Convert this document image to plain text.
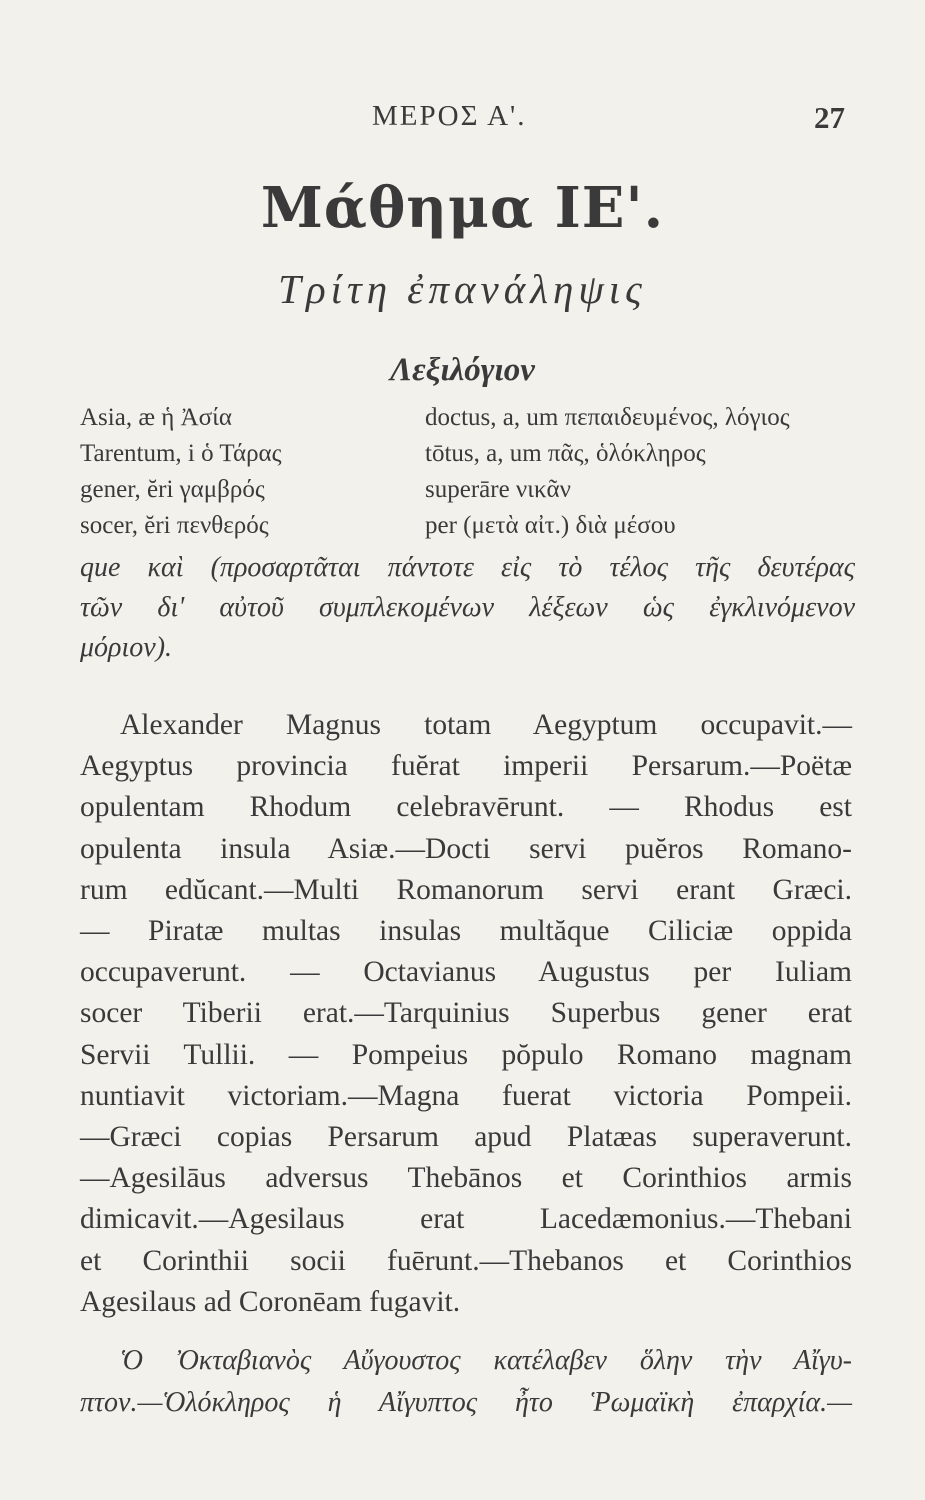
ΜΕΡΟΣ Α'.	27
Μάθημα ΙΕ'.
Τρίτη ἐπανάληψις
Λεξιλόγιον
Asia, æ ἡ Ἀσία	doctus, a, um πεπαιδευμένος, λόγιος
Tarentum, i ὁ Τάρας	tōtus, a, um πᾶς, ὁλόκληρος
gener, ĕri γαμβρός	superāre νικᾶν
socer, ĕri πενθερός	per (μετὰ αἰτ.) διὰ μέσου
que καὶ (προσαρτᾶται πάντοτε εἰς τὸ τέλος τῆς δευτέρας
τῶν δι' αὐτοῦ συμπλεκομένων λέξεων ὡς ἐγκλινόμενον
μόριον).
Alexander Magnus totam Aegyptum occupavit.—
Aegyptus provincia fuĕrat imperii Persarum.—Poëtæ
opulentam Rhodum celebravērunt. — Rhodus est
opulenta insula Asiæ.—Docti servi puĕros Romano-
rum edŭcant.—Multi Romanorum servi erant Græci.
— Piratæ multas insulas multăque Ciliciæ oppida
occupaverunt. — Octavianus Augustus per Iuliam
socer Tiberii erat.—Tarquinius Superbus gener erat
Servii Tullii. — Pompeius pŏpulo Romano magnam
nuntiavit victoriam.—Magna fuerat victoria Pompeii.
—Græci copias Persarum apud Platæas superaverunt.
—Agesilāus adversus Thebānos et Corinthios armis
dimicavit.—Agesilaus erat Lacedæmonius.—Thebani
et Corinthii socii fuērunt.—Thebanos et Corinthios
Agesilaus ad Coronēam fugavit.
Ὁ Ὀκταβιανὸς Αὔγουστος κατέλαβεν ὅλην τὴν Αἴγυ-
πτον.—Ὁλόκληρος ἡ Αἴγυπτος ἦτο Ῥωμαϊκὴ ἐπαρχία.—
